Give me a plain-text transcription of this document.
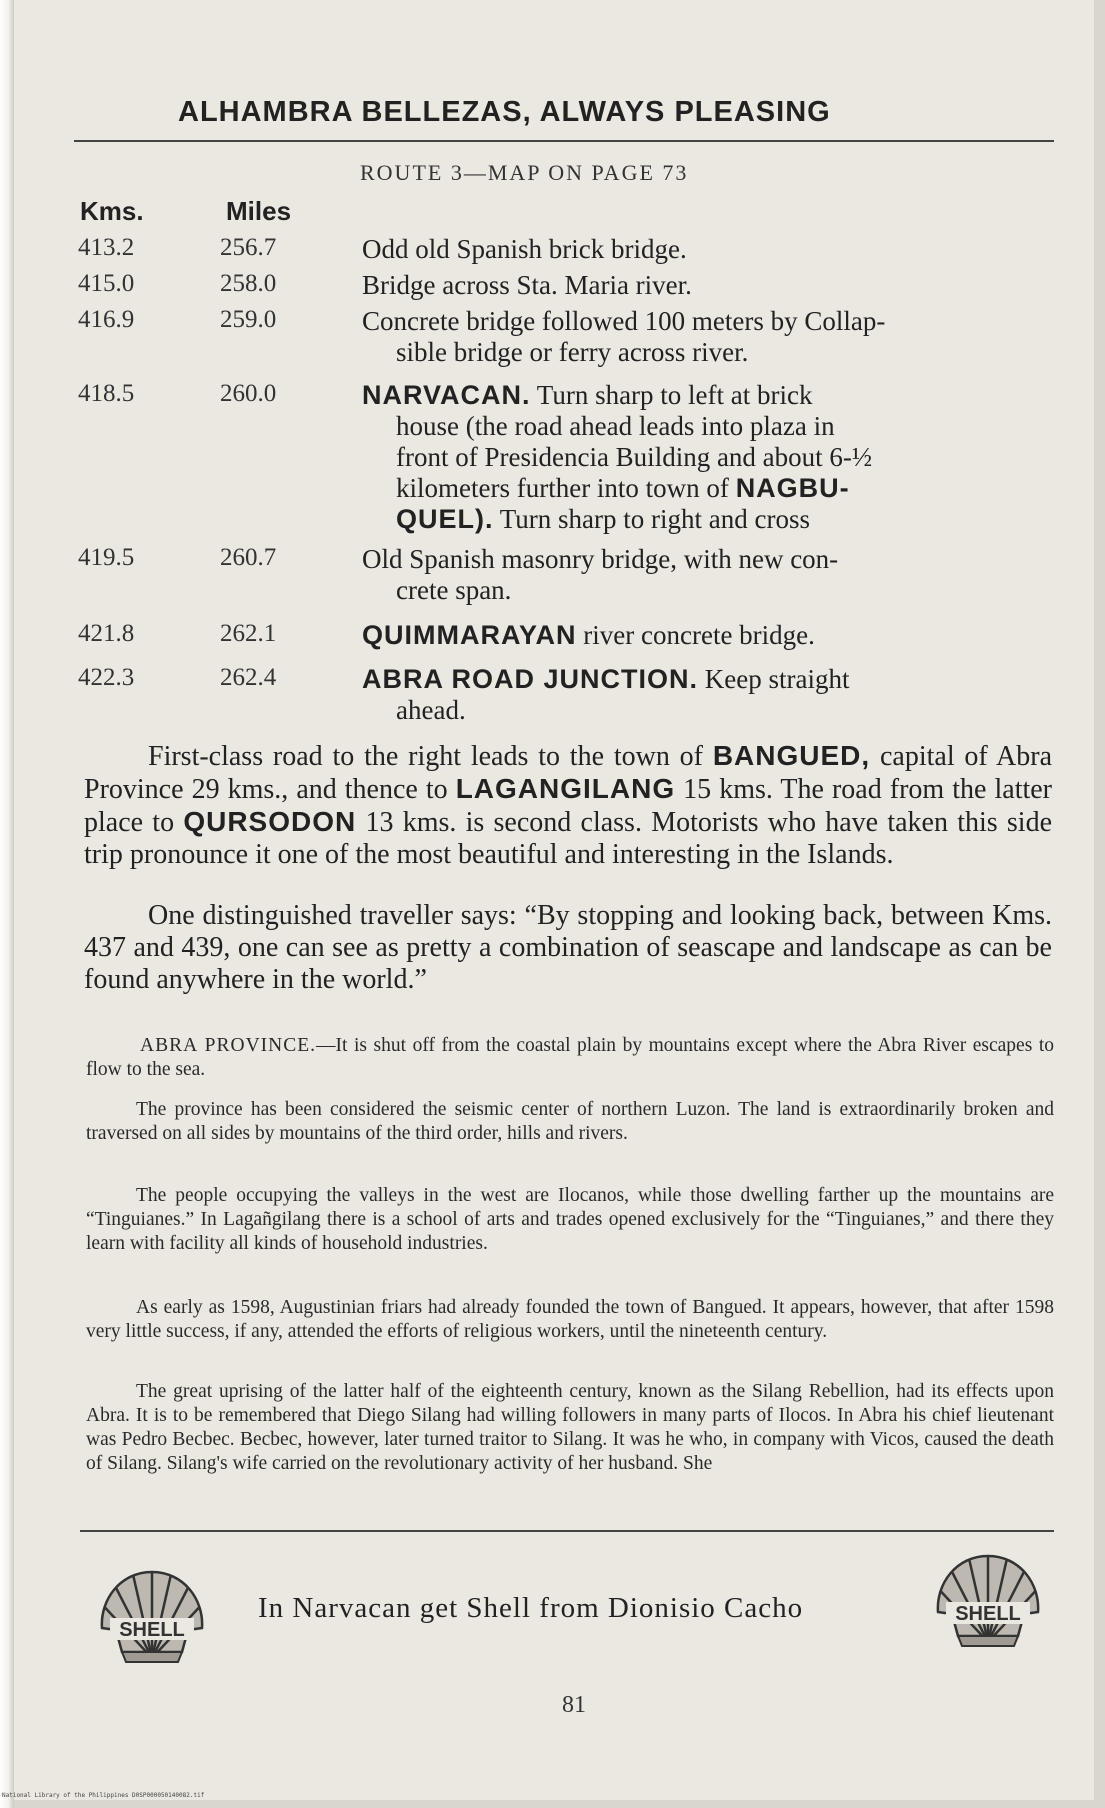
ALHAMBRA BELLEZAS, ALWAYS PLEASING
ROUTE 3—MAP ON PAGE 73
Kms.	Miles
413.2	256.7	Odd old Spanish brick bridge.
415.0	258.0	Bridge across Sta. Maria river.
416.9	259.0	Concrete bridge followed 100 meters by Collap-
sible bridge or ferry across river.
418.5	260.0	NARVACAN. Turn sharp to left at brick
house (the road ahead leads into plaza in
front of Presidencia Building and about 6-½
kilometers further into town of NAGBU-
QUEL). Turn sharp to right and cross
419.5	260.7	Old Spanish masonry bridge, with new con-
crete span.
421.8	262.1	QUIMMARAYAN river concrete bridge.
422.3	262.4	ABRA ROAD JUNCTION. Keep straight
ahead.
First-class road to the right leads to the town of BANGUED, capital of Abra Province 29 kms., and thence to LAGANGILANG 15 kms. The road from the latter place to QURSODON 13 kms. is second class. Motorists who have taken this side trip pronounce it one of the most beautiful and interesting in the Islands.
One distinguished traveller says: “By stopping and looking back, between Kms. 437 and 439, one can see as pretty a combination of seascape and landscape as can be found anywhere in the world.”
ABRA PROVINCE.—It is shut off from the coastal plain by mountains except where the Abra River escapes to flow to the sea.
The province has been considered the seismic center of northern Luzon. The land is extraordinarily broken and traversed on all sides by mountains of the third order, hills and rivers.
The people occupying the valleys in the west are Ilocanos, while those dwelling farther up the mountains are “Tinguianes.” In Lagañgilang there is a school of arts and trades opened exclusively for the “Tinguianes,” and there they learn with facility all kinds of household industries.
As early as 1598, Augustinian friars had already founded the town of Bangued. It appears, however, that after 1598 very little success, if any, attended the efforts of religious workers, until the nineteenth century.
The great uprising of the latter half of the eighteenth century, known as the Silang Rebellion, had its effects upon Abra. It is to be remembered that Diego Silang had willing followers in many parts of Ilocos. In Abra his chief lieutenant was Pedro Becbec. Becbec, however, later turned traitor to Silang. It was he who, in company with Vicos, caused the death of Silang. Silang's wife carried on the revolutionary activity of her husband. She
SHELL
SHELL
In Narvacan get Shell from Dionisio Cacho
81
National Library of the Philippines D0SP000050140082.tif
